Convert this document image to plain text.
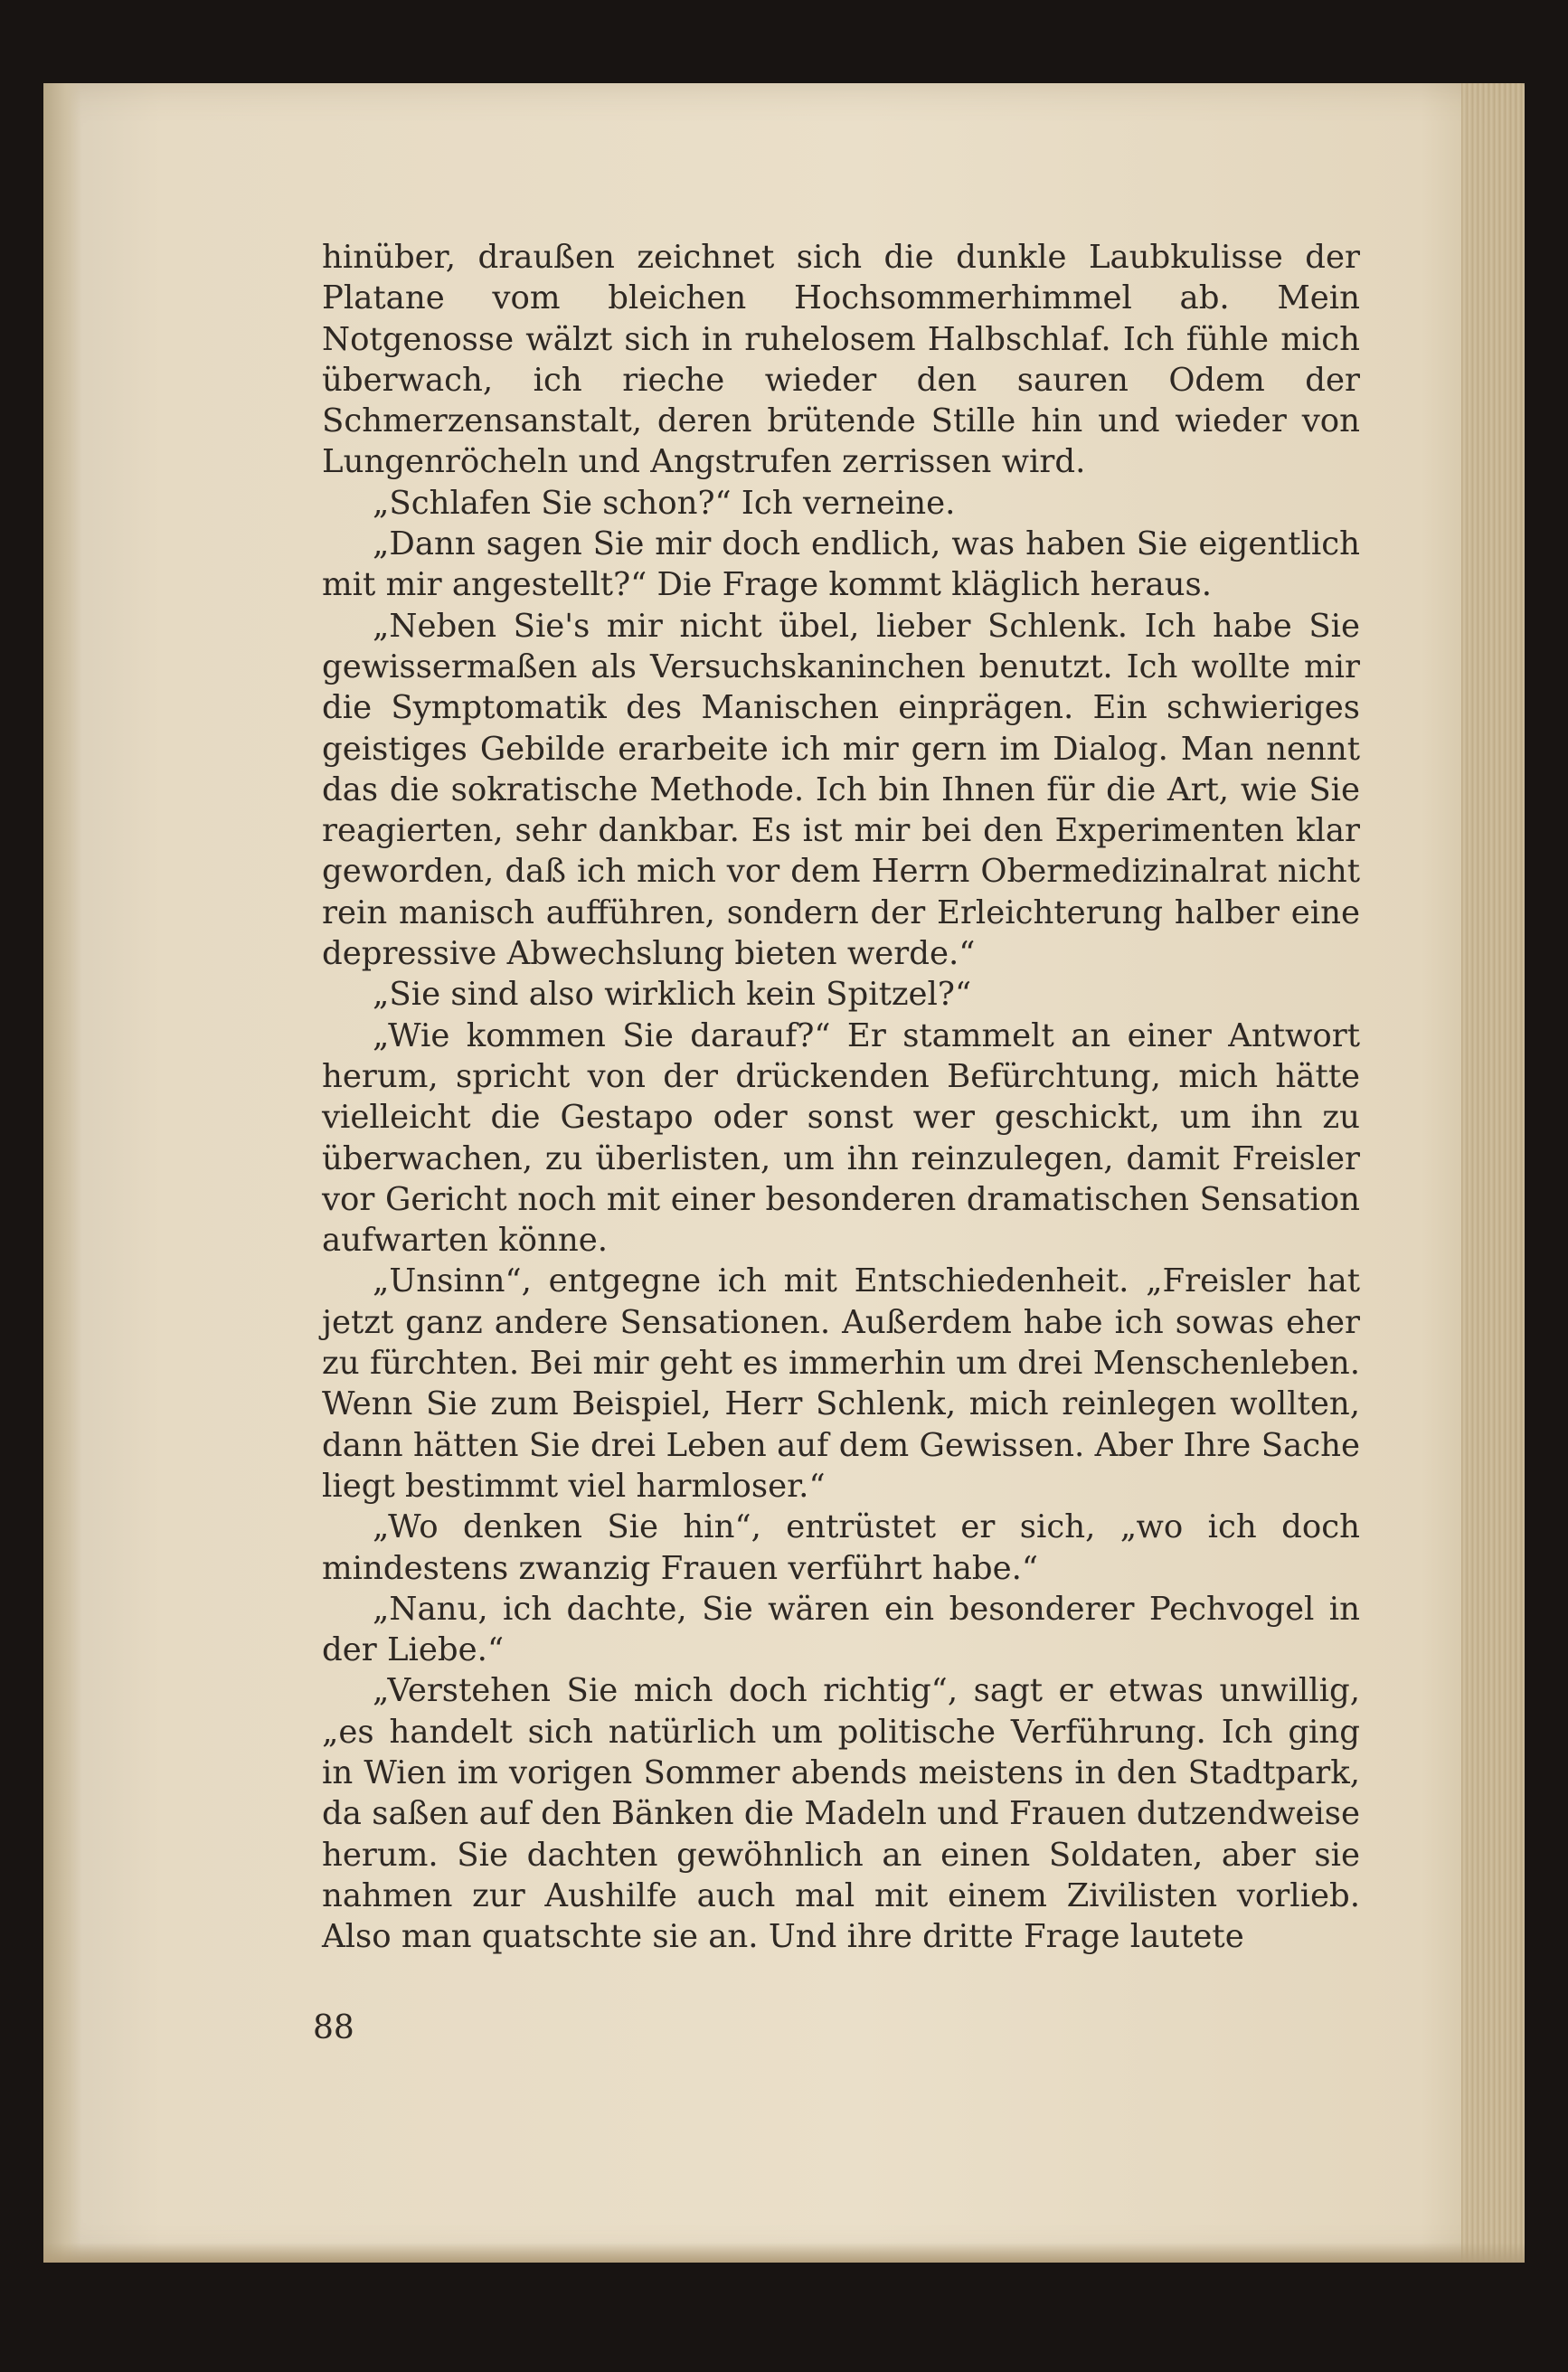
hinüber, draußen zeichnet sich die dunkle Laubkulisse der Platane vom bleichen Hochsommerhimmel ab. Mein Notgenosse wälzt sich in ruhelosem Halbschlaf. Ich fühle mich überwach, ich rieche wieder den sauren Odem der Schmerzensanstalt, deren brütende Stille hin und wieder von Lungenröcheln und Angstrufen zerrissen wird.

„Schlafen Sie schon?“ Ich verneine.

„Dann sagen Sie mir doch endlich, was haben Sie eigentlich mit mir angestellt?“ Die Frage kommt kläglich heraus.

„Neben Sie's mir nicht übel, lieber Schlenk. Ich habe Sie gewissermaßen als Versuchskaninchen benutzt. Ich wollte mir die Symptomatik des Manischen einprägen. Ein schwieriges geistiges Gebilde erarbeite ich mir gern im Dialog. Man nennt das die sokratische Methode. Ich bin Ihnen für die Art, wie Sie reagierten, sehr dankbar. Es ist mir bei den Experimenten klar geworden, daß ich mich vor dem Herrn Obermedizinalrat nicht rein manisch aufführen, sondern der Erleichterung halber eine depressive Abwechslung bieten werde.“

„Sie sind also wirklich kein Spitzel?“

„Wie kommen Sie darauf?“ Er stammelt an einer Antwort herum, spricht von der drückenden Befürchtung, mich hätte vielleicht die Gestapo oder sonst wer geschickt, um ihn zu überwachen, zu überlisten, um ihn reinzulegen, damit Freisler vor Gericht noch mit einer besonderen dramatischen Sensation aufwarten könne.

„Unsinn“, entgegne ich mit Entschiedenheit. „Freisler hat jetzt ganz andere Sensationen. Außerdem habe ich sowas eher zu fürchten. Bei mir geht es immerhin um drei Menschenleben. Wenn Sie zum Beispiel, Herr Schlenk, mich reinlegen wollten, dann hätten Sie drei Leben auf dem Gewissen. Aber Ihre Sache liegt bestimmt viel harmloser.“

„Wo denken Sie hin“, entrüstet er sich, „wo ich doch mindestens zwanzig Frauen verführt habe.“

„Nanu, ich dachte, Sie wären ein besonderer Pechvogel in der Liebe.“

„Verstehen Sie mich doch richtig“, sagt er etwas unwillig, „es handelt sich natürlich um politische Verführung. Ich ging in Wien im vorigen Sommer abends meistens in den Stadtpark, da saßen auf den Bänken die Madeln und Frauen dutzendweise herum. Sie dachten gewöhnlich an einen Soldaten, aber sie nahmen zur Aushilfe auch mal mit einem Zivilisten vorlieb. Also man quatschte sie an. Und ihre dritte Frage lautete

88
